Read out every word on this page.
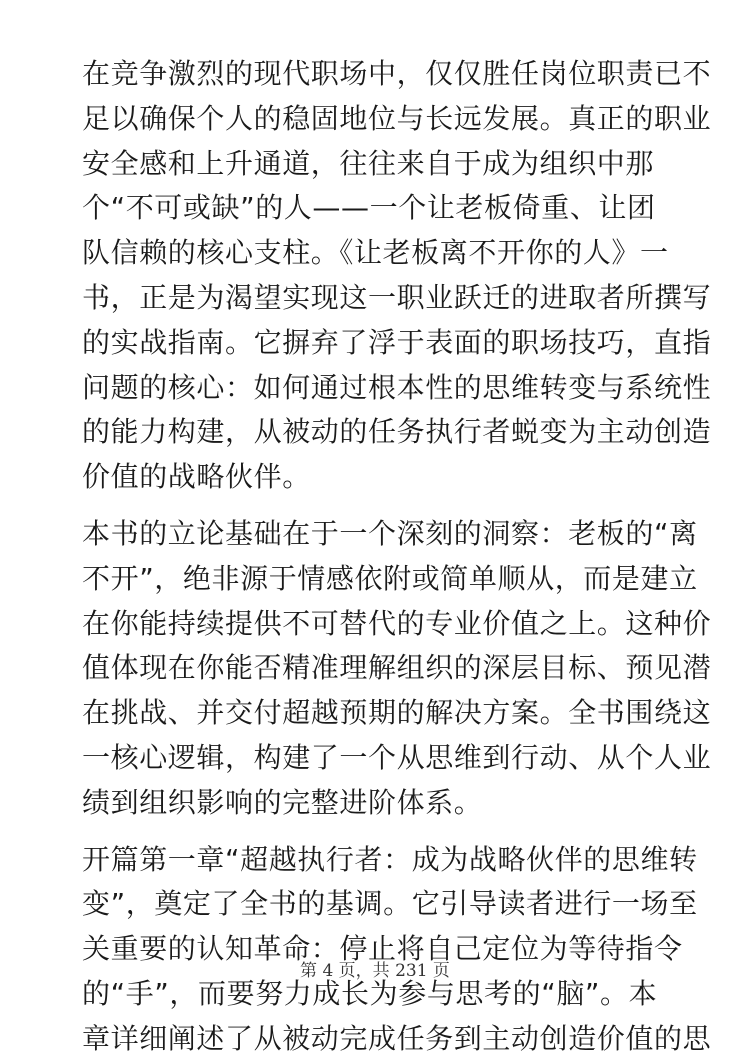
在竞争激烈的现代职场中，仅仅胜任岗位职责已不
足以确保个人的稳固地位与长远发展。真正的职业
安全感和上升通道，往往来自于成为组织中那
个“不可或缺”的人——一个让老板倚重、让团
队信赖的核心支柱。《让老板离不开你的人》一
书，正是为渴望实现这一职业跃迁的进取者所撰写
的实战指南。它摒弃了浮于表面的职场技巧，直指
问题的核心：如何通过根本性的思维转变与系统性
的能力构建，从被动的任务执行者蜕变为主动创造
价值的战略伙伴。
本书的立论基础在于一个深刻的洞察：老板的“离
不开”，绝非源于情感依附或简单顺从，而是建立
在你能持续提供不可替代的专业价值之上。这种价
值体现在你能否精准理解组织的深层目标、预见潜
在挑战、并交付超越预期的解决方案。全书围绕这
一核心逻辑，构建了一个从思维到行动、从个人业
绩到组织影响的完整进阶体系。
开篇第一章“超越执行者：成为战略伙伴的思维转
变”，奠定了全书的基调。它引导读者进行一场至
关重要的认知革命：停止将自己定位为等待指令
的“手”，而要努力成长为参与思考的“脑”。本
章详细阐述了从被动完成任务到主动创造价值的思
第 4 页，共 231 页
